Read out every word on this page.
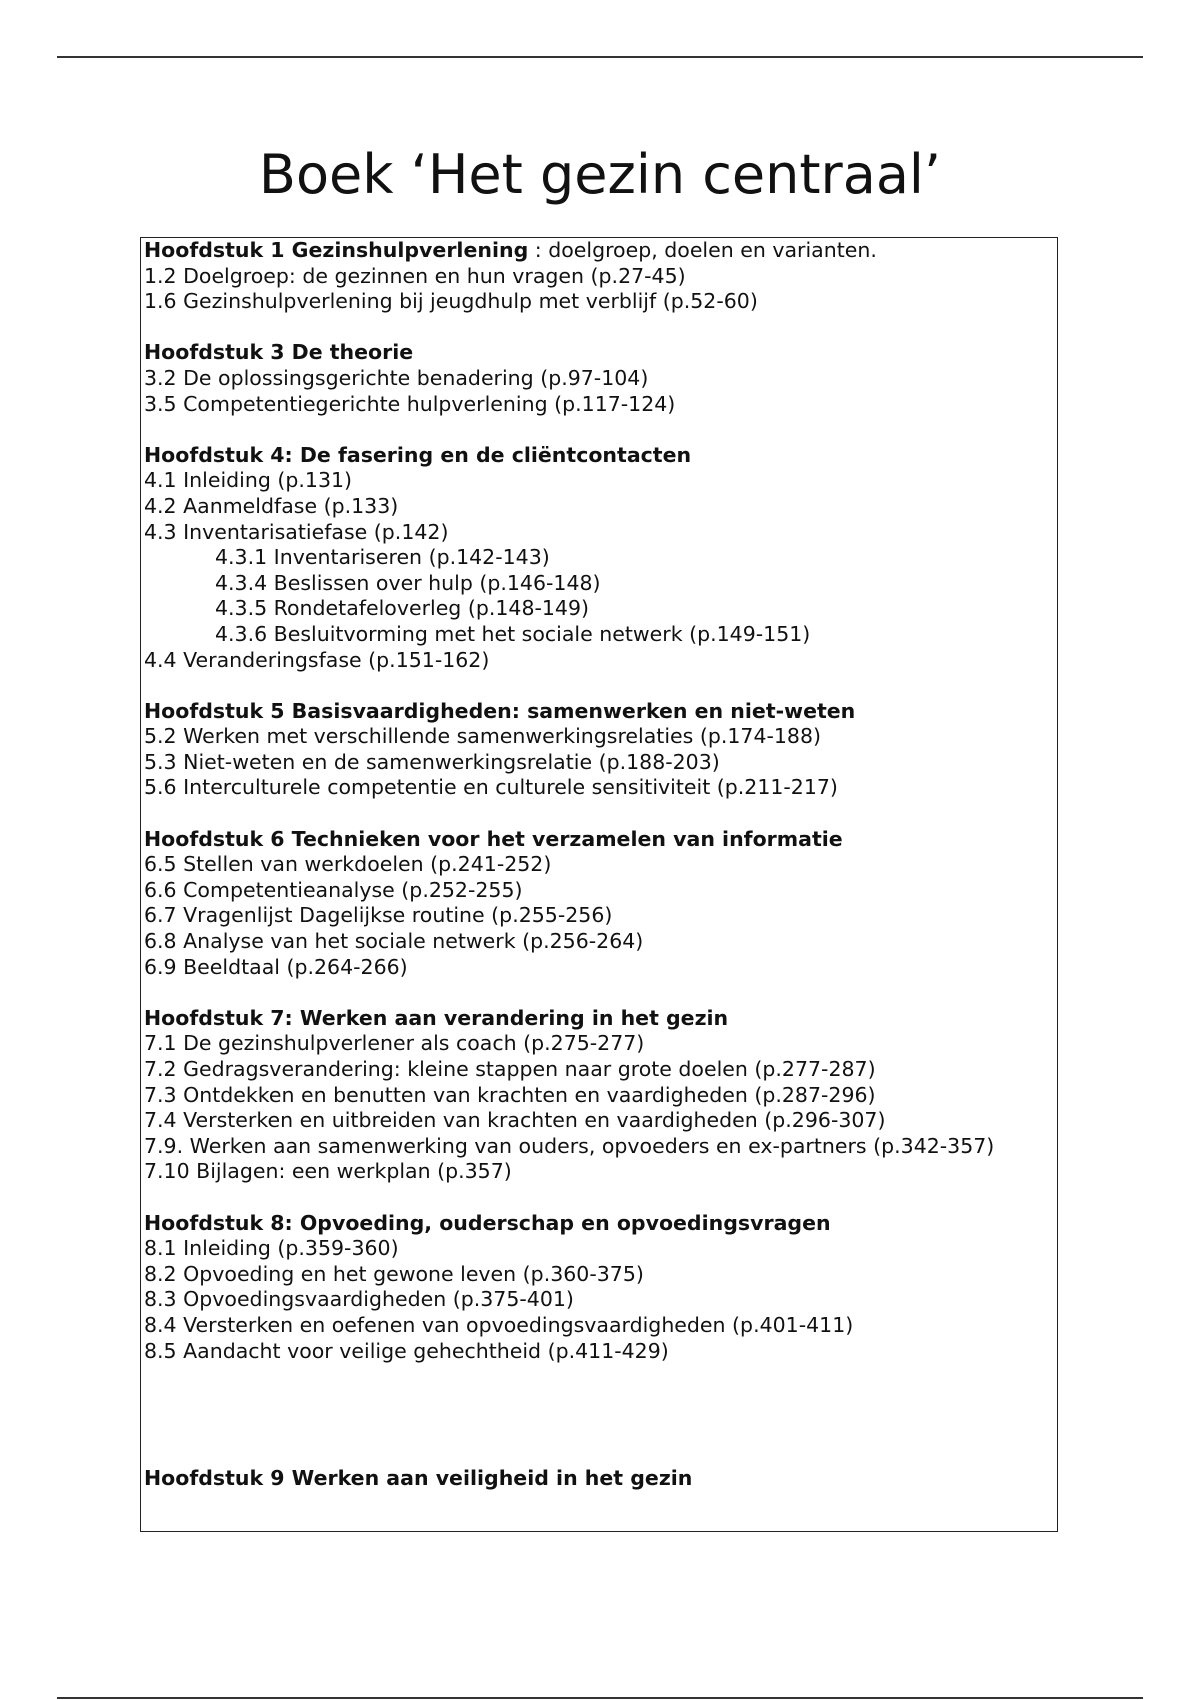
Boek ‘Het gezin centraal’
Hoofdstuk 1 Gezinshulpverlening : doelgroep, doelen en varianten.
1.2 Doelgroep: de gezinnen en hun vragen (p.27-45)
1.6 Gezinshulpverlening bij jeugdhulp met verblijf (p.52-60)
Hoofdstuk 3 De theorie
3.2 De oplossingsgerichte benadering (p.97-104)
3.5 Competentiegerichte hulpverlening (p.117-124)
Hoofdstuk 4: De fasering en de cliëntcontacten
4.1 Inleiding (p.131)
4.2 Aanmeldfase (p.133)
4.3 Inventarisatiefase (p.142)
4.3.1 Inventariseren (p.142-143)
4.3.4 Beslissen over hulp (p.146-148)
4.3.5 Rondetafeloverleg (p.148-149)
4.3.6 Besluitvorming met het sociale netwerk (p.149-151)
4.4 Veranderingsfase (p.151-162)
Hoofdstuk 5 Basisvaardigheden: samenwerken en niet-weten
5.2 Werken met verschillende samenwerkingsrelaties (p.174-188)
5.3 Niet-weten en de samenwerkingsrelatie (p.188-203)
5.6 Interculturele competentie en culturele sensitiviteit (p.211-217)
Hoofdstuk 6 Technieken voor het verzamelen van informatie
6.5 Stellen van werkdoelen (p.241-252)
6.6 Competentieanalyse (p.252-255)
6.7 Vragenlijst Dagelijkse routine (p.255-256)
6.8 Analyse van het sociale netwerk (p.256-264)
6.9 Beeldtaal (p.264-266)
Hoofdstuk 7: Werken aan verandering in het gezin
7.1 De gezinshulpverlener als coach (p.275-277)
7.2 Gedragsverandering: kleine stappen naar grote doelen (p.277-287)
7.3 Ontdekken en benutten van krachten en vaardigheden (p.287-296)
7.4 Versterken en uitbreiden van krachten en vaardigheden (p.296-307)
7.9. Werken aan samenwerking van ouders, opvoeders en ex-partners (p.342-357)
7.10 Bijlagen: een werkplan (p.357)
Hoofdstuk 8: Opvoeding, ouderschap en opvoedingsvragen
8.1 Inleiding (p.359-360)
8.2 Opvoeding en het gewone leven (p.360-375)
8.3 Opvoedingsvaardigheden (p.375-401)
8.4 Versterken en oefenen van opvoedingsvaardigheden (p.401-411)
8.5 Aandacht voor veilige gehechtheid (p.411-429)
Hoofdstuk 9 Werken aan veiligheid in het gezin
